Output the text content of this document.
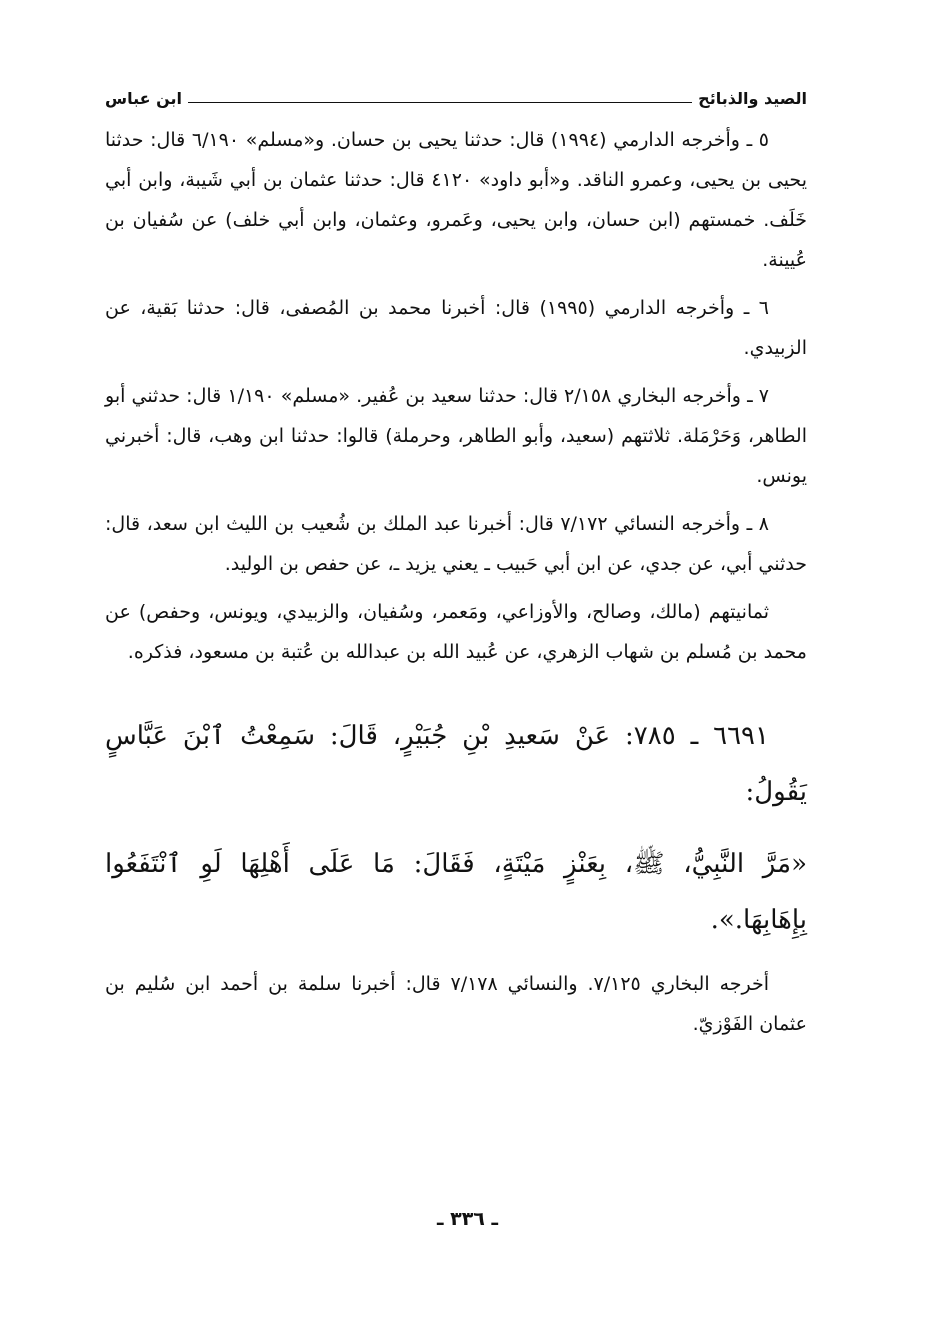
الصيد والذبائح
ابن عباس

٥ ـ وأخرجه الدارمي (١٩٩٤) قال: حدثنا يحيى بن حسان. و«مسلم» ٦/١٩٠ قال: حدثنا يحيى بن يحيى، وعمرو الناقد. و«أبو داود» ٤١٢٠ قال: حدثنا عثمان بن أبي شَيبة، وابن أبي خَلَف. خمستهم (ابن حسان، وابن يحيى، وعَمرو، وعثمان، وابن أبي خلف) عن سُفيان بن عُيينة.

٦ ـ وأخرجه الدارمي (١٩٩٥) قال: أخبرنا محمد بن المُصفى، قال: حدثنا بَقية، عن الزبيدي.

٧ ـ وأخرجه البخاري ٢/١٥٨ قال: حدثنا سعيد بن عُفير. «مسلم» ١/١٩٠ قال: حدثني أبو الطاهر، وَحَرْمَلة. ثلاثتهم (سعيد، وأبو الطاهر، وحرملة) قالوا: حدثنا ابن وهب، قال: أخبرني يونس.

٨ ـ وأخرجه النسائي ٧/١٧٢ قال: أخبرنا عبد الملك بن شُعيب بن الليث ابن سعد، قال: حدثني أبي، عن جدي، عن ابن أبي حَبيب ـ يعني يزيد ـ، عن حفص بن الوليد.

ثمانيتهم (مالك، وصالح، والأوزاعي، ومَعمر، وسُفيان، والزبيدي، ويونس، وحفص) عن محمد بن مُسلم بن شهاب الزهري، عن عُبيد الله بن عبدالله بن عُتبة بن مسعود، فذكره.

٦٦٩١ ـ ٧٨٥: عَنْ سَعيدِ بْنِ جُبَيْرٍ، قَالَ: سَمِعْتُ ٱبْنَ عَبَّاسٍ يَقُولُ:

«مَرَّ النَّبِيُّ، ﷺ، بِعَنْزٍ مَيْتَةٍ، فَقَالَ: مَا عَلَى أَهْلِهَا لَوِ ٱنْتَفَعُوا بِإِهَابِهَا.».

أخرجه البخاري ٧/١٢٥. والنسائي ٧/١٧٨ قال: أخبرنا سلمة بن أحمد ابن سُليم بن عثمان الفَوْزيّ.

ـ ٣٣٦ ـ
